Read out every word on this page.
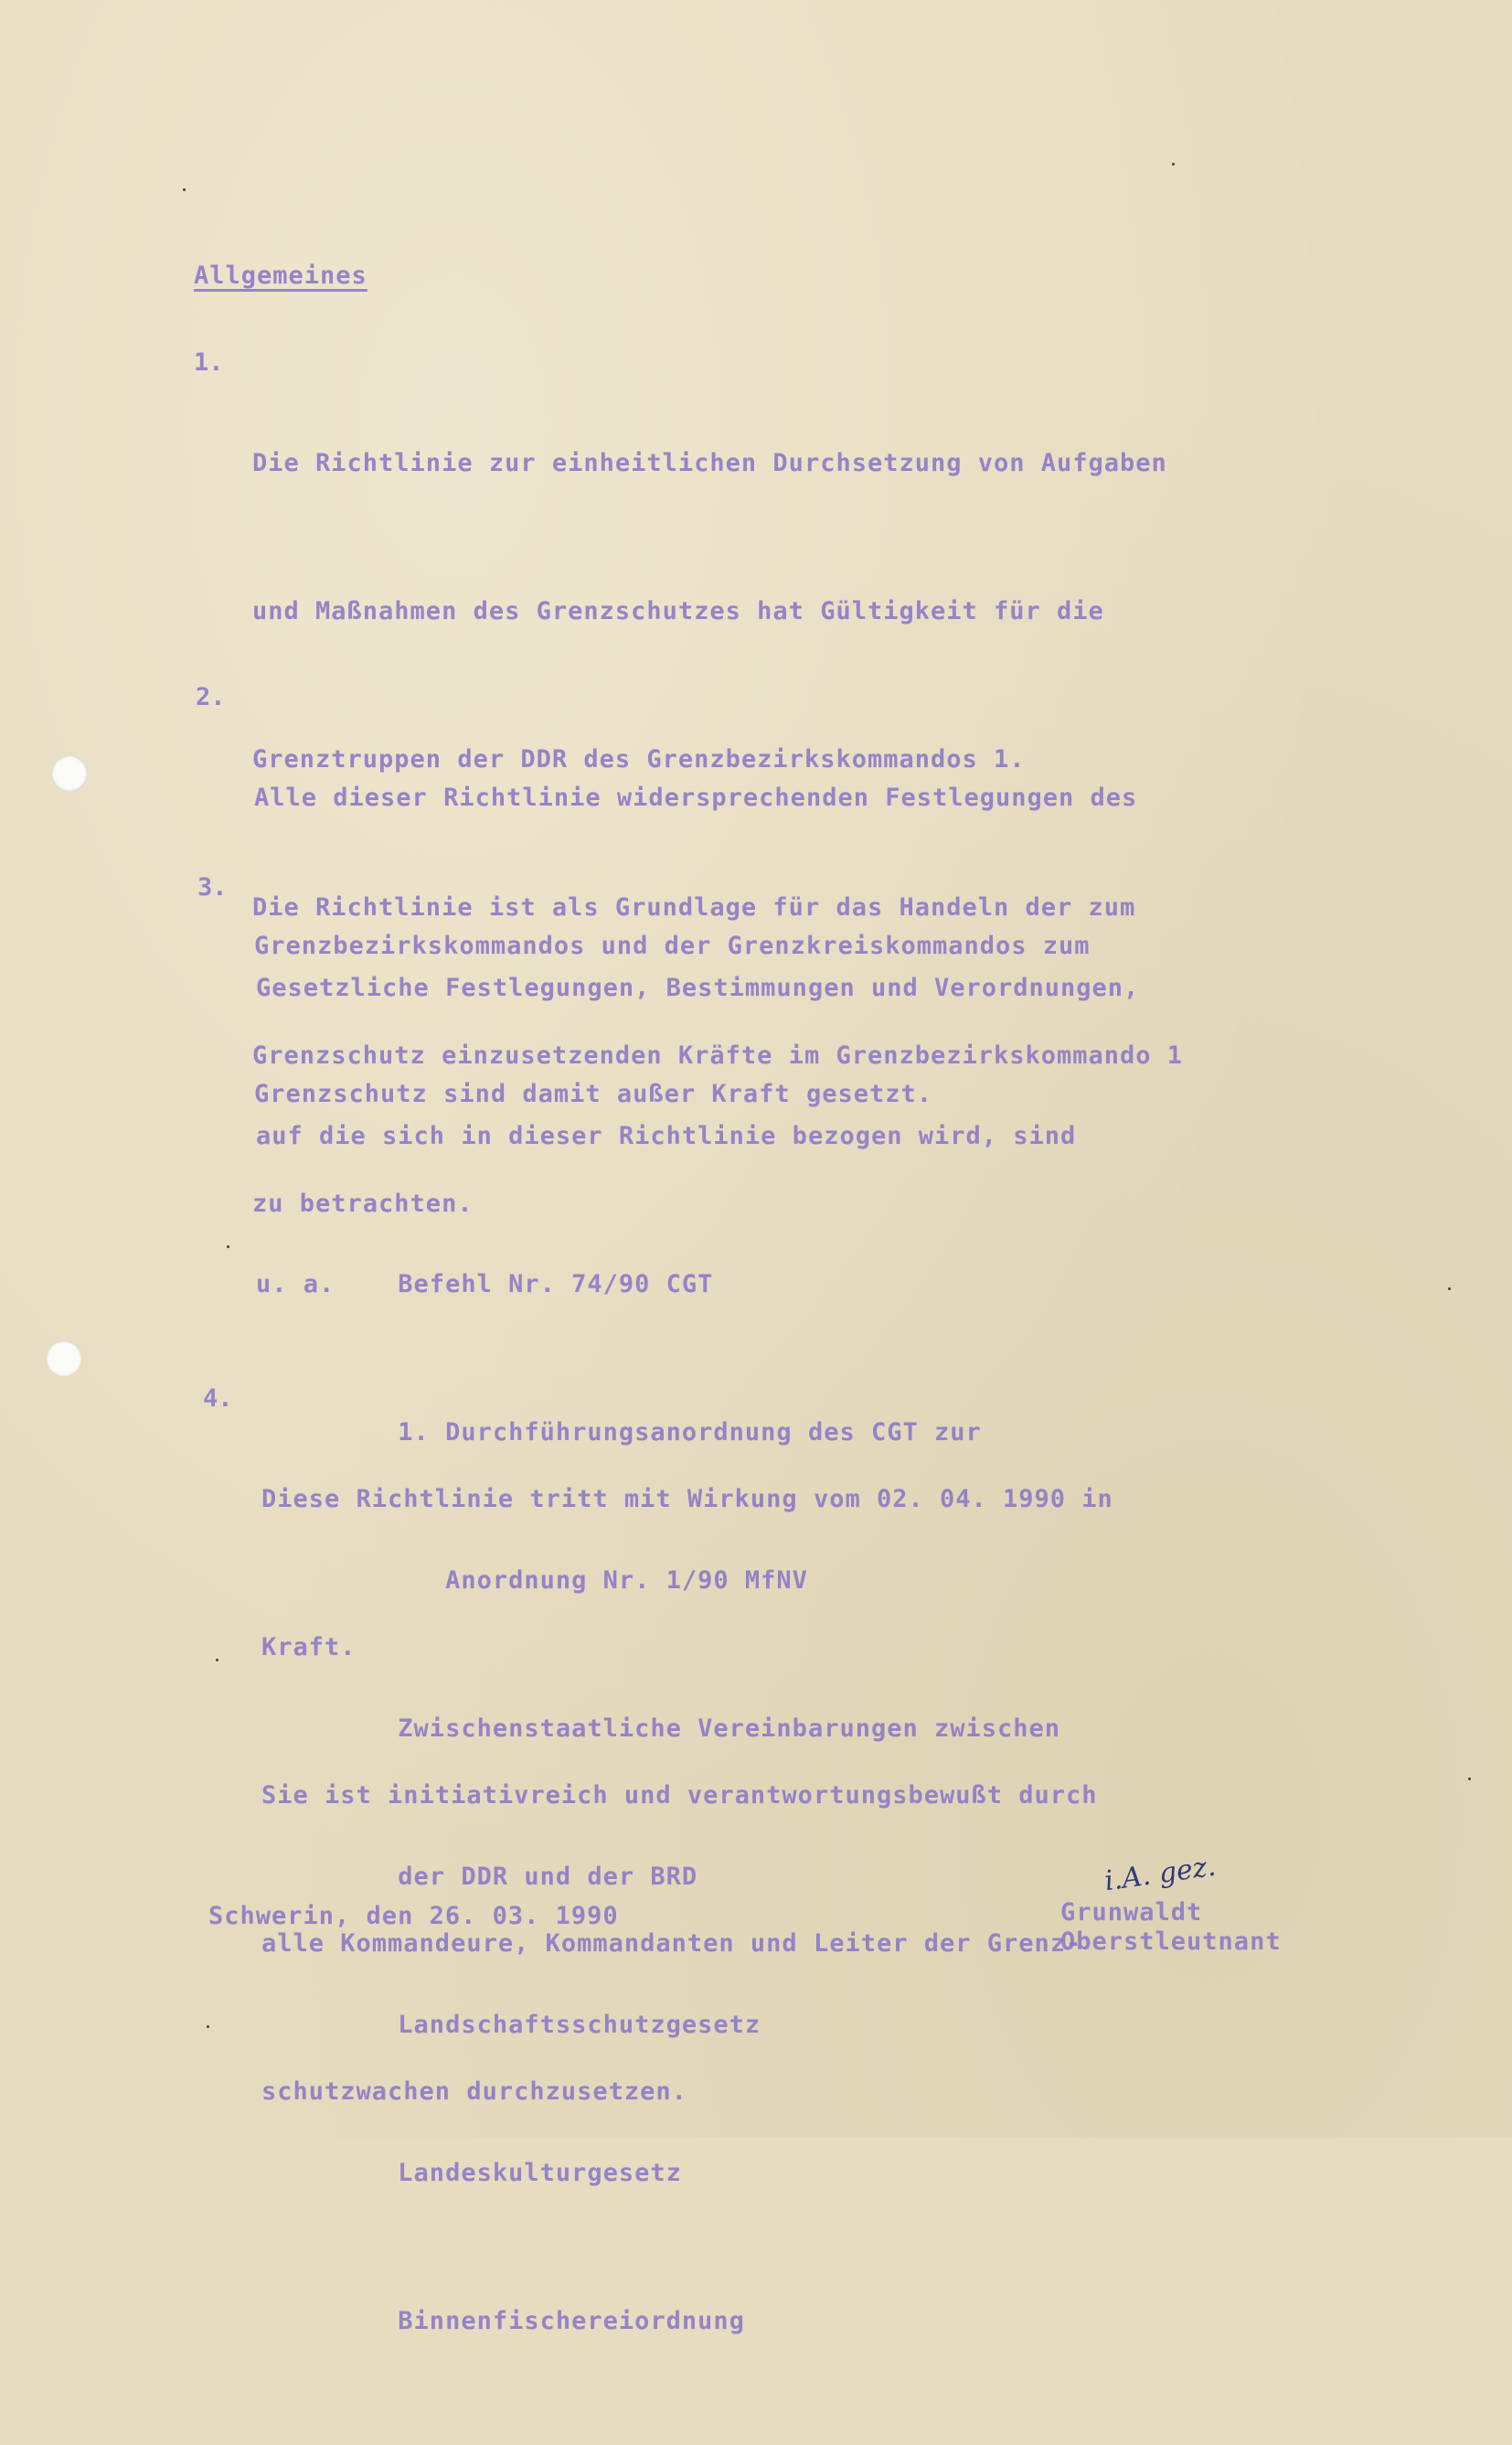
Allgemeines
1.

Die Richtlinie zur einheitlichen Durchsetzung von Aufgaben

und Maßnahmen des Grenzschutzes hat Gültigkeit für die

Grenztruppen der DDR des Grenzbezirkskommandos 1.

Die Richtlinie ist als Grundlage für das Handeln der zum

Grenzschutz einzusetzenden Kräfte im Grenzbezirkskommando 1

zu betrachten.

2.

Alle dieser Richtlinie widersprechenden Festlegungen des

Grenzbezirkskommandos und der Grenzkreiskommandos zum

Grenzschutz sind damit außer Kraft gesetzt.

3.

Gesetzliche Festlegungen, Bestimmungen und Verordnungen,

auf die sich in dieser Richtlinie bezogen wird, sind

u. a.    Befehl Nr. 74/90 CGT

1. Durchführungsanordnung des CGT zur

Anordnung Nr. 1/90 MfNV

Zwischenstaatliche Vereinbarungen zwischen

der DDR und der BRD

Landschaftsschutzgesetz

Landeskulturgesetz

Binnenfischereiordnung

4.

Diese Richtlinie tritt mit Wirkung vom 02. 04. 1990 in

Kraft.

Sie ist initiativreich und verantwortungsbewußt durch

alle Kommandeure, Kommandanten und Leiter der Grenz-

schutzwachen durchzusetzen.

Schwerin, den 26. 03. 1990
i.A. gez.
Grunwaldt
Oberstleutnant
